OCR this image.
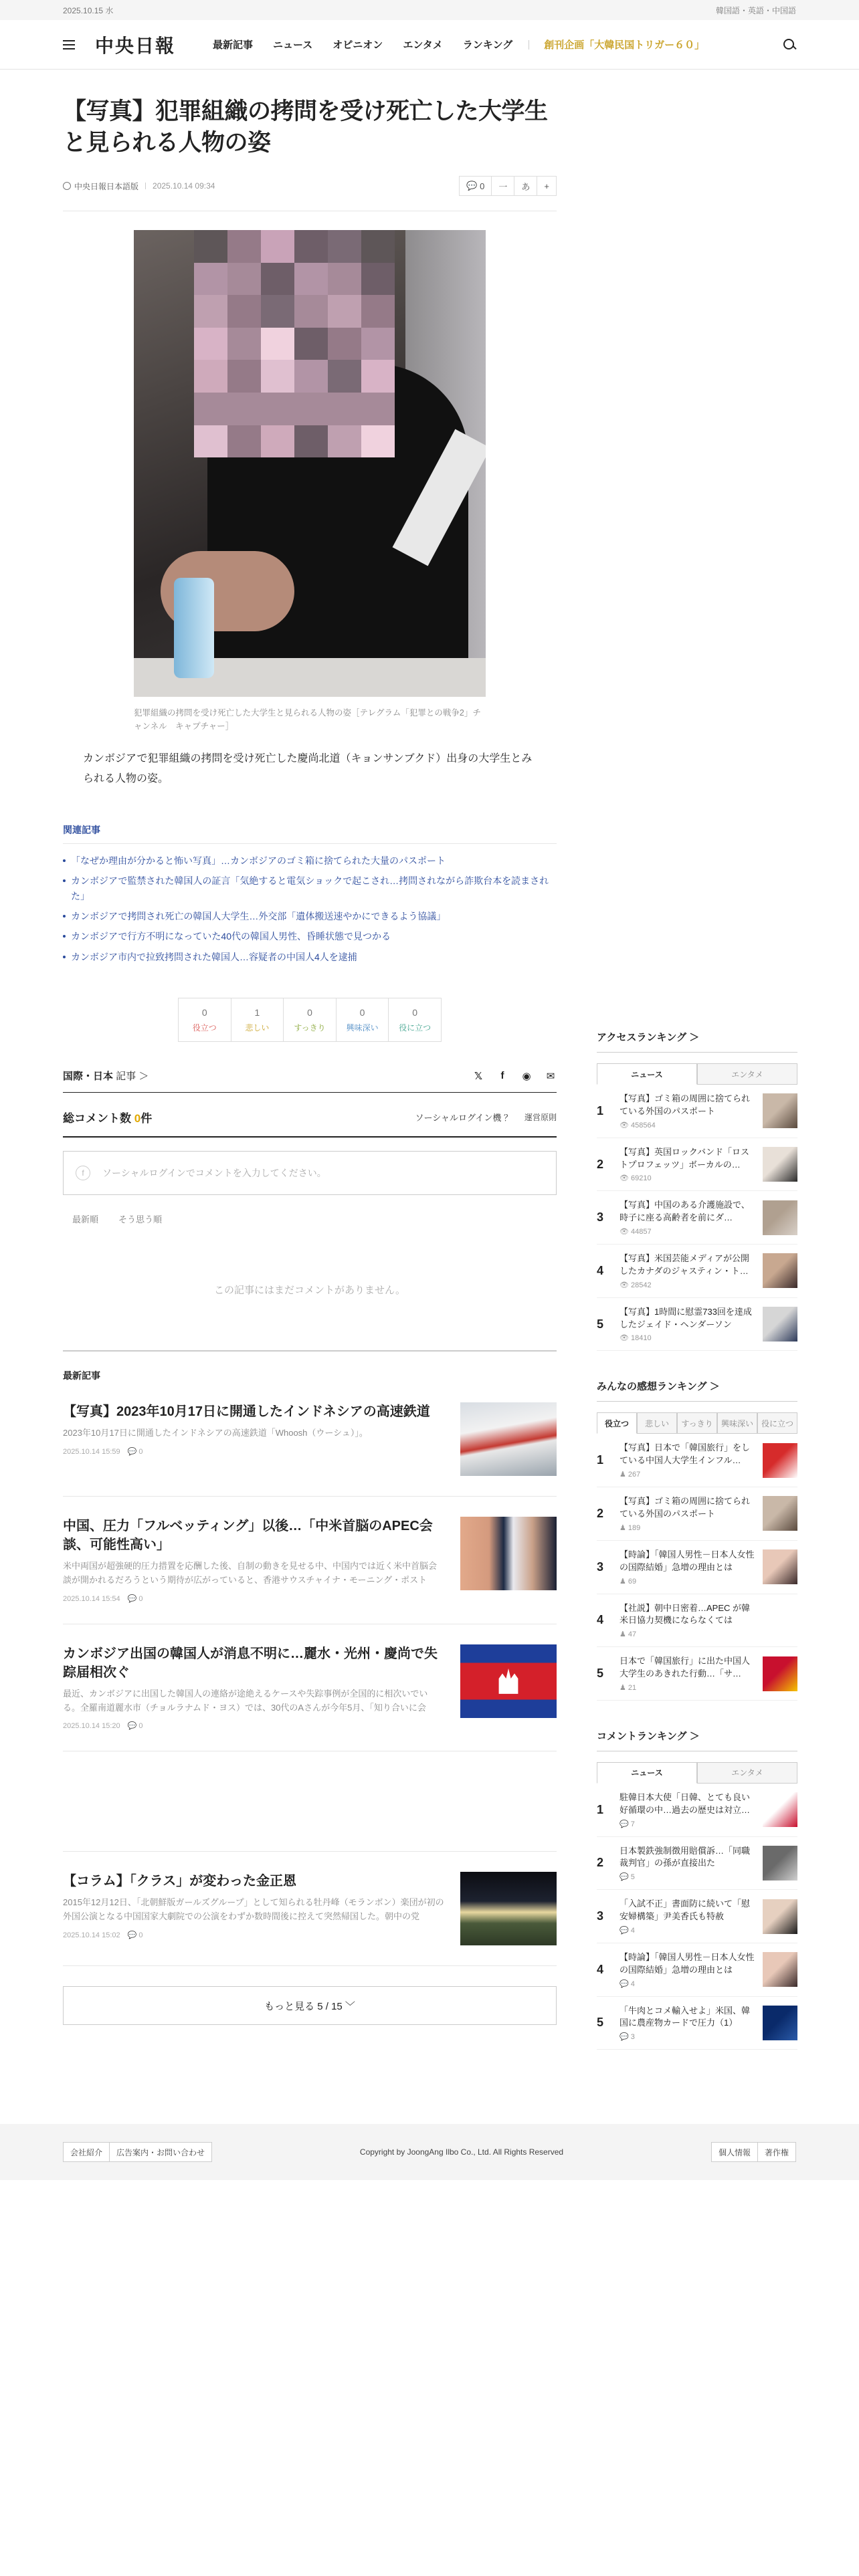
2025.10.15 水	韓国語・英語・中国語
中央日報	最新記事 ニュース オピニオン エンタメ ランキング	創刊企画「大韓民国トリガー６０」
【写真】犯罪組織の拷問を受け死亡した大学生と見られる人物の姿
中央日報日本語版 2025.10.14 09:34	💬 0	一	あ	+

犯罪組織の拷問を受け死亡した大学生と見られる人物の姿［テレグラム「犯罪との戦争2」チャンネル　キャプチャー］

カンボジアで犯罪組織の拷問を受け死亡した慶尚北道（キョンサンブクド）出身の大学生とみられる人物の姿。

関連記事
「なぜか理由が分かると怖い写真」…カンボジアのゴミ箱に捨てられた大量のパスポート
カンボジアで監禁された韓国人の証言「気絶すると電気ショックで起こされ…拷問されながら詐欺台本を読まされた」
カンボジアで拷問され死亡の韓国人大学生…外交部「遺体搬送速やかにできるよう協議」
カンボジアで行方不明になっていた40代の韓国人男性、昏睡状態で見つかる
カンボジア市内で拉致拷問された韓国人…容疑者の中国人4人を逮捕
0
役立つ
1
悲しい
0
すっきり
0
興味深い
0
役に立つ
国際・日本 記事 ＞	𝕏	f	◉ ✉
総コメント数 0件	ソーシャルログイン機 ？ 運営原則
f	ソーシャルログインでコメントを入力してください。
最新順 そう思う順
この記事にはまだコメントがありません。
最新記事
【写真】2023年10月17日に開通したインドネシアの高速鉄道
2023年10月17日に開通したインドネシアの高速鉄道「Whoosh（ウーシュ）」。
2025.10.14 15:59　 💬 0
中国、圧力「フルベッティング」以後…「中米首脳のAPEC会談、可能性高い」
米中両国が超強硬的圧力措置を応酬した後、自制の動きを見せる中、中国内では近く米中首脳会談が開かれるだろうという期待が広がっていると、香港サウスチャイナ・モーニング・ポスト
2025.10.14 15:54　 💬 0
カンボジア出国の韓国人が消息不明に…麗水・光州・慶尚で失踪届相次ぐ
最近、カンボジアに出国した韓国人の連絡が途絶えるケースや失踪事例が全国的に相次いでいる。全羅南道麗水市（チョルラナムド・ヨス）では、30代のAさんが今年5月、「知り合いに会
2025.10.14 15:20　 💬 0
【コラム】「クラス」が変わった金正恩
2015年12月12日、「北朝鮮版ガールズグループ」として知られる牡丹峰（モランボン）楽団が初の外国公演となる中国国家大劇院での公演をわずか数時間後に控えて突然帰国した。朝中の党
2025.10.14 15:02　 💬 0
もっと見る 5 / 15 ﹀
アクセスランキング ＞
ニュース	エンタメ
1
【写真】ゴミ箱の周囲に捨てられている外国のパスポート
👁 458564
2
【写真】英国ロックバンド「ロストプロフェッツ」ボーカルの…
👁 69210
3
【写真】中国のある介護施設で、時子に座る高齢者を前にダ…
👁 44857
4
【写真】米国芸能メディアが公開したカナダのジャスティン・ト…
👁 28542
5
【写真】1時間に慰霊733回を達成したジェイド・ヘンダーソン
👁 18410
みんなの感想ランキング ＞
役立つ	悲しい	すっきり	興味深い 役に立つ
1
【写真】日本で「韓国旅行」をしている中国人大学生インフル…
♟ 267
2
【写真】ゴミ箱の周囲に捨てられている外国のパスポート
♟ 189
3
【時論】「韓国人男性－日本人女性の国際結婚」急増の理由とは
♟ 69
4
【社説】朝中日密着…APEC が韓米日協力契機にならなくては
♟ 47
5
日本で「韓国旅行」に出た中国人大学生のあきれた行動…「サ…
♟ 21
コメントランキング ＞
ニュース	エンタメ
1
駐韓日本大使「日韓、とても良い好循環の中…過去の歴史は対立…
💬 7
2
日本製鉄強制徴用賠償訴…「同職裁判官」の孫が直接出た
💬 5
3
「入試不正」書面防に続いて「慰安婦構築」尹美香氏も特赦
💬 4
4
【時論】「韓国人男性－日本人女性の国際結婚」急増の理由とは
💬 4
5
「牛肉とコメ輸入せよ」米国、韓国に農産物カードで圧力（1）
💬 3
会社紹介	広告案内・お問い合わせ	Copyright by JoongAng Ilbo Co., Ltd. All Rights Reserved	個人情報	著作権
